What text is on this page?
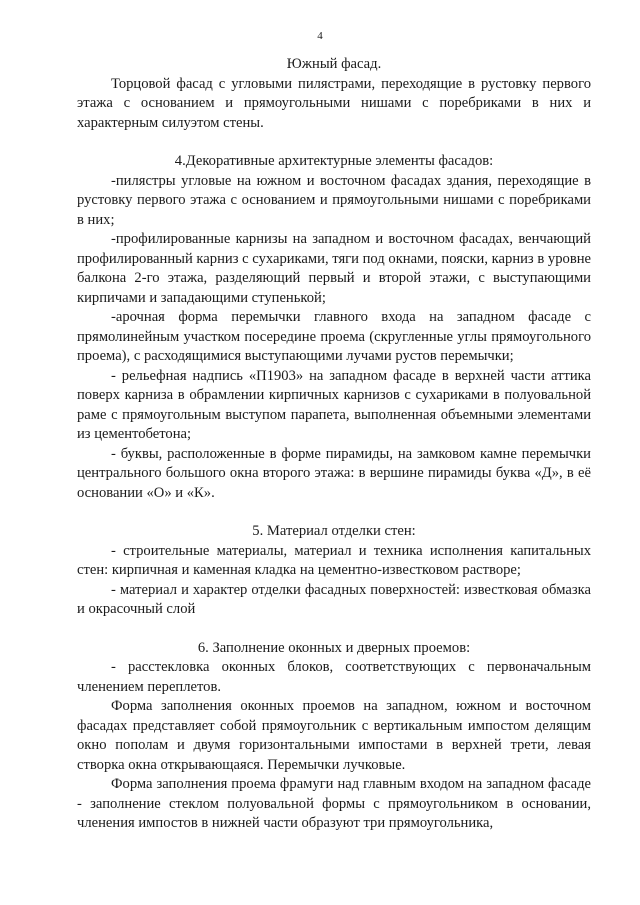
4

Южный фасад.

Торцовой фасад с угловыми пилястрами, переходящие в рустовку первого этажа с основанием и прямоугольными нишами с поребриками в них и характерным силуэтом стены.

4.Декоративные архитектурные элементы фасадов:

-пилястры угловые на южном и восточном фасадах здания, переходящие в рустовку первого этажа с основанием и прямоугольными нишами с поребриками в них;

-профилированные карнизы на западном и восточном фасадах, венчающий профилированный карниз с сухариками, тяги под окнами, пояски, карниз в уровне балкона 2-го этажа, разделяющий первый и второй этажи, с выступающими кирпичами и западающими ступенькой;

-арочная форма перемычки главного входа на западном фасаде с прямолинейным участком посередине проема (скругленные углы прямоугольного проема), с расходящимися выступающими лучами рустов перемычки;

- рельефная надпись «П1903» на западном фасаде в верхней части аттика поверх карниза в обрамлении кирпичных карнизов с сухариками в полуовальной раме с прямоугольным выступом парапета, выполненная объемными элементами из цементобетона;

- буквы, расположенные в форме пирамиды, на замковом камне перемычки центрального большого окна второго этажа: в вершине пирамиды буква «Д», в её основании «О» и «К».

5. Материал отделки стен:

- строительные материалы, материал и техника исполнения капитальных стен: кирпичная и каменная кладка на цементно-известковом растворе;

- материал и характер отделки фасадных поверхностей: известковая обмазка и окрасочный слой

6. Заполнение оконных и дверных проемов:

- расстекловка оконных блоков, соответствующих с первоначальным членением переплетов.

Форма заполнения оконных проемов на западном, южном и восточном фасадах представляет собой прямоугольник с вертикальным импостом делящим окно пополам и двумя горизонтальными импостами в верхней трети, левая створка окна открывающаяся. Перемычки лучковые.

Форма заполнения проема фрамуги над главным входом на западном фасаде - заполнение стеклом полуовальной формы с прямоугольником в основании, членения импостов в нижней части образуют три прямоугольника,
